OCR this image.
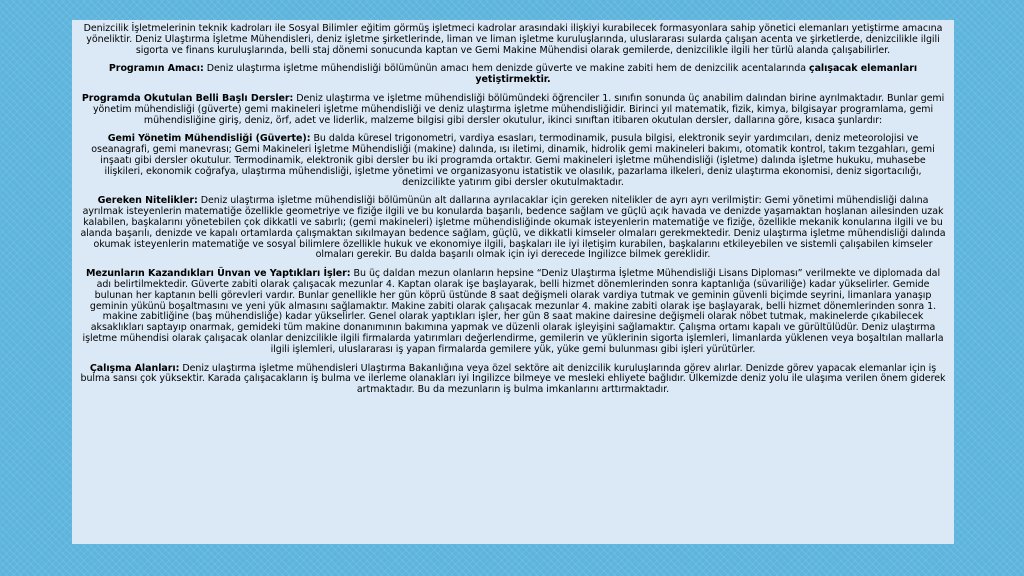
Denizcilik İşletmelerinin teknik kadroları ile Sosyal Bilimler eğitim görmüş işletmeci kadrolar arasındaki ilişkiyi kurabilecek formasyonlara sahip yönetici elemanları yetiştirme amacına yöneliktir. Deniz Ulaştırma İşletme Mühendisleri, deniz işletme şirketlerinde, liman ve liman işletme kuruluşlarında, uluslararası sularda çalışan acenta ve şirketlerde, denizcilikle ilgili sigorta ve finans kuruluşlarında, belli staj dönemi sonucunda kaptan ve Gemi Makine Mühendisi olarak gemilerde, denizcilikle ilgili her türlü alanda çalışabilirler.

Programın Amacı: Deniz ulaştırma işletme mühendisliği bölümünün amacı hem denizde güverte ve makine zabiti hem de denizcilik acentalarında çalışacak elemanları yetiştirmektir.

Programda Okutulan Belli Başlı Dersler: Deniz ulaştırma ve işletme mühendisliği bölümündeki öğrenciler 1. sınıfın sonunda üç anabilim dalından birine ayrılmaktadır. Bunlar gemi yönetim mühendisliği (güverte) gemi makineleri işletme mühendisliği ve deniz ulaştırma işletme mühendisliğidir. Birinci yıl matematik, fizik, kimya, bilgisayar programlama, gemi mühendisliğine giriş, deniz, örf, adet ve liderlik, malzeme bilgisi gibi dersler okutulur, ikinci sınıftan itibaren okutulan dersler, dallarına göre, kısaca şunlardır:

Gemi Yönetim Mühendisliği (Güverte): Bu dalda küresel trigonometri, vardiya esasları, termodinamik, pusula bilgisi, elektronik seyir yardımcıları, deniz meteorolojisi ve oseanagrafi, gemi manevrası; Gemi Makineleri İşletme Mühendisliği (makine) dalında, ısı iletimi, dinamik, hidrolik gemi makineleri bakımı, otomatik kontrol, takım tezgahları, gemi inşaatı gibi dersler okutulur. Termodinamik, elektronik gibi dersler bu iki programda ortaktır. Gemi makineleri işletme mühendisliği (işletme) dalında işletme hukuku, muhasebe ilişkileri, ekonomik coğrafya, ulaştırma mühendisliği, işletme yönetimi ve organizasyonu istatistik ve olasılık, pazarlama ilkeleri, deniz ulaştırma ekonomisi, deniz sigortacılığı, denizcilikte yatırım gibi dersler okutulmaktadır.

Gereken Nitelikler: Deniz ulaştırma işletme mühendisliği bölümünün alt dallarına ayrılacaklar için gereken nitelikler de ayrı ayrı verilmiştir: Gemi yönetimi mühendisliği dalına ayrılmak isteyenlerin matematiğe özellikle geometriye ve fiziğe ilgili ve bu konularda başarılı, bedence sağlam ve güçlü açık havada ve denizde yaşamaktan hoşlanan ailesinden uzak kalabilen, başkalarını yönetebilen çok dikkatli ve sabırlı; (gemi makineleri) işletme mühendisliğinde okumak isteyenlerin matematiğe ve fiziğe, özellikle mekanik konularına ilgili ve bu alanda başarılı, denizde ve kapalı ortamlarda çalışmaktan sıkılmayan bedence sağlam, güçlü, ve dikkatli kimseler olmaları gerekmektedir. Deniz ulaştırma işletme mühendisliği dalında okumak isteyenlerin matematiğe ve sosyal bilimlere özellikle hukuk ve ekonomiye ilgili, başkaları ile iyi iletişim kurabilen, başkalarını etkileyebilen ve sistemli çalışabilen kimseler olmaları gerekir. Bu dalda başarılı olmak için iyi derecede İngilizce bilmek gereklidir.

Mezunların Kazandıkları Ünvan ve Yaptıkları İşler: Bu üç daldan mezun olanların hepsine “Deniz Ulaştırma İşletme Mühendisliği Lisans Diploması” verilmekte ve diplomada dal adı belirtilmektedir. Güverte zabiti olarak çalışacak mezunlar 4. Kaptan olarak işe başlayarak, belli hizmet dönemlerinden sonra kaptanlığa (süvariliğe) kadar yükselirler. Gemide bulunan her kaptanın belli görevleri vardır. Bunlar genellikle her gün köprü üstünde 8 saat değişmeli olarak vardiya tutmak ve geminin güvenli biçimde seyrini, limanlara yanaşıp geminin yükünü boşaltmasını ve yeni yük almasını sağlamaktır. Makine zabiti olarak çalışacak mezunlar 4. makine zabiti olarak işe başlayarak, belli hizmet dönemlerinden sonra 1. makine zabitliğine (baş mühendisliğe) kadar yükselirler. Genel olarak yaptıkları işler, her gün 8 saat makine dairesine değişmeli olarak nöbet tutmak, makinelerde çıkabilecek aksaklıkları saptayıp onarmak, gemideki tüm makine donanımının bakımına yapmak ve düzenli olarak işleyişini sağlamaktır. Çalışma ortamı kapalı ve gürültülüdür. Deniz ulaştırma işletme mühendisi olarak çalışacak olanlar denizcilikle ilgili firmalarda yatırımları değerlendirme, gemilerin ve yüklerinin sigorta işlemleri, limanlarda yüklenen veya boşaltılan mallarla ilgili işlemleri, uluslararası iş yapan firmalarda gemilere yük, yüke gemi bulunması gibi işleri yürütürler.

Çalışma Alanları: Deniz ulaştırma işletme mühendisleri Ulaştırma Bakanlığına veya özel sektöre ait denizcilik kuruluşlarında görev alırlar. Denizde görev yapacak elemanlar için iş bulma sansı çok yüksektir. Karada çalışacakların iş bulma ve ilerleme olanakları iyi İngilizce bilmeye ve mesleki ehliyete bağlıdır. Ülkemizde deniz yolu ile ulaşıma verilen önem giderek artmaktadır. Bu da mezunların iş bulma imkanlarını arttırmaktadır.
